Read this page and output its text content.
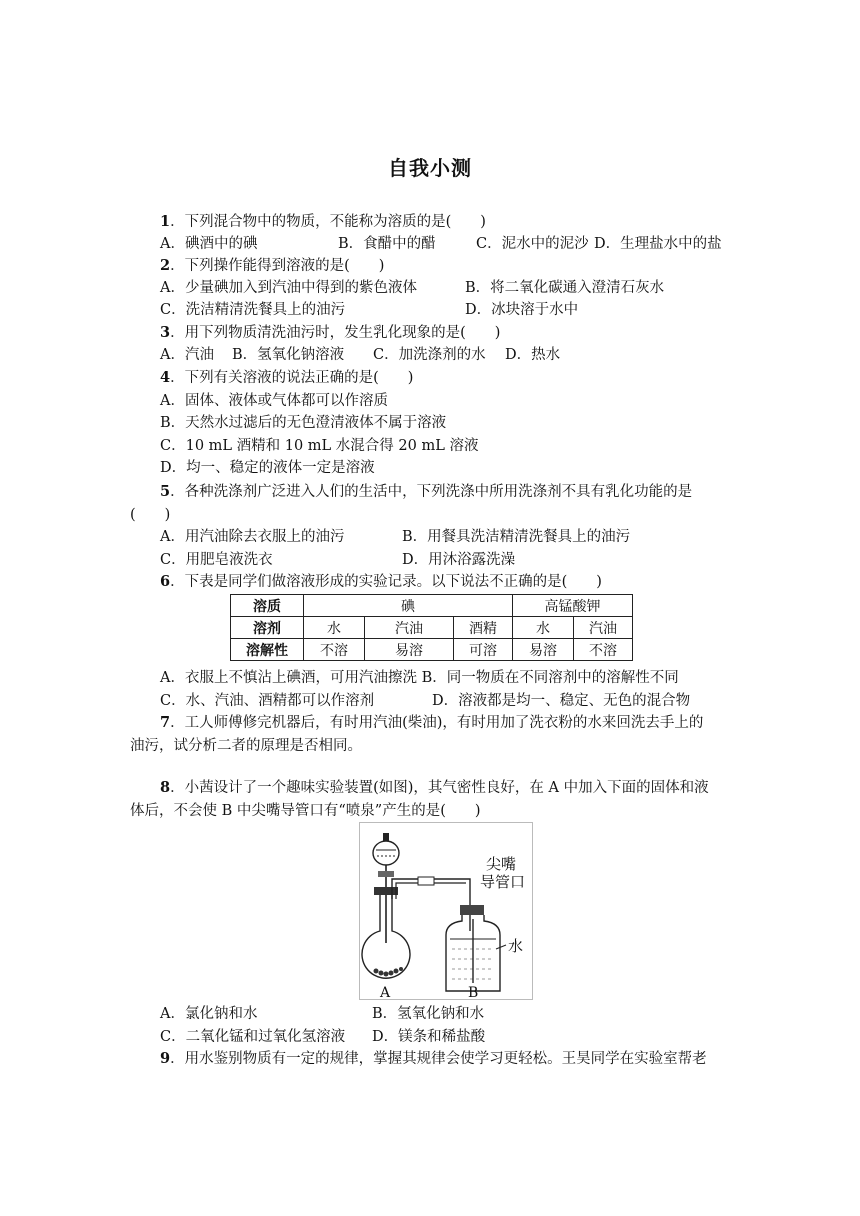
自我小测
1．下列混合物中的物质，不能称为溶质的是(　　)
A．碘酒中的碘	B．食醋中的醋	C．泥水中的泥沙 D．生理盐水中的盐
2．下列操作能得到溶液的是(　　)
A．少量碘加入到汽油中得到的紫色液体	B．将二氧化碳通入澄清石灰水
C．洗洁精清洗餐具上的油污	D．冰块溶于水中
3．用下列物质清洗油污时，发生乳化现象的是(　　)
A．汽油 B．氢氧化钠溶液 C．加洗涤剂的水 D．热水
4．下列有关溶液的说法正确的是(　　)
A．固体、液体或气体都可以作溶质
B．天然水过滤后的无色澄清液体不属于溶液
C．10 mL 酒精和 10 mL 水混合得 20 mL 溶液
D．均一、稳定的液体一定是溶液
5．各种洗涤剂广泛进入人们的生活中，下列洗涤中所用洗涤剂不具有乳化功能的是
(　　)
A．用汽油除去衣服上的油污	B．用餐具洗洁精清洗餐具上的油污
C．用肥皂液洗衣	D．用沐浴露洗澡
6．下表是同学们做溶液形成的实验记录。以下说法不正确的是(　　)
溶质	碘			高锰酸钾	
溶剂	水	汽油	酒精	水	汽油
溶解性	不溶	易溶	可溶	易溶	不溶
A．衣服上不慎沾上碘酒，可用汽油擦洗 B．同一物质在不同溶剂中的溶解性不同
C．水、汽油、酒精都可以作溶剂	D．溶液都是均一、稳定、无色的混合物
7．工人师傅修完机器后，有时用汽油(柴油)，有时用加了洗衣粉的水来回洗去手上的
油污，试分析二者的原理是否相同。
8．小茜设计了一个趣味实验装置(如图)，其气密性良好，在 A 中加入下面的固体和液
体后，不会使 B 中尖嘴导管口有“喷泉”产生的是(　　)
尖嘴
导管口
水
A	B
A．氯化钠和水	B．氢氧化钠和水
C．二氧化锰和过氧化氢溶液 D．镁条和稀盐酸
9．用水鉴别物质有一定的规律，掌握其规律会使学习更轻松。王昊同学在实验室帮老
